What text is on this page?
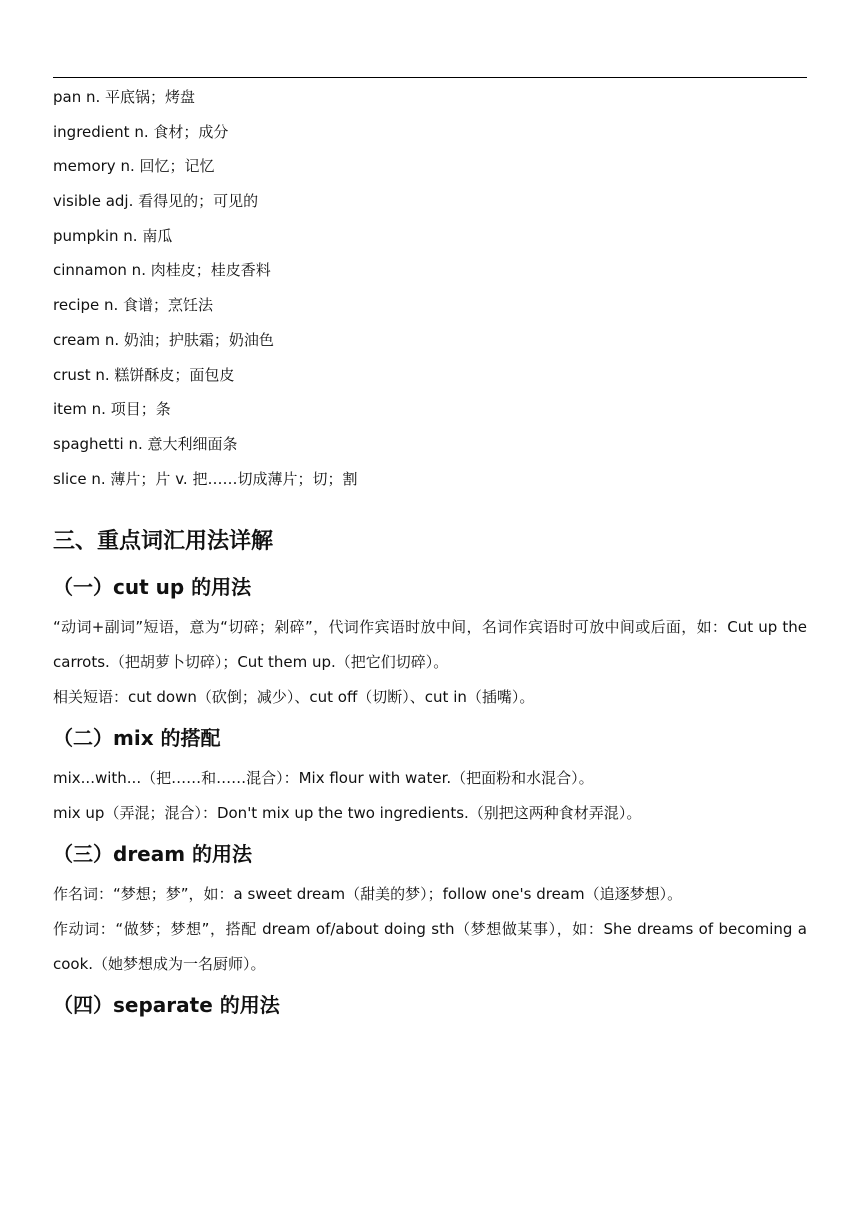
pan n. 平底锅；烤盘
ingredient n. 食材；成分
memory n. 回忆；记忆
visible adj. 看得见的；可见的
pumpkin n. 南瓜
cinnamon n. 肉桂皮；桂皮香料
recipe n. 食谱；烹饪法
cream n. 奶油；护肤霜；奶油色
crust n. 糕饼酥皮；面包皮
item n. 项目；条
spaghetti n. 意大利细面条
slice n. 薄片；片 v. 把……切成薄片；切；割
三、重点词汇用法详解
（一）cut up 的用法

“动词+副词”短语，意为“切碎；剁碎”，代词作宾语时放中间，名词作宾语时可放中间或后面，如：Cut up the carrots.（把胡萝卜切碎）；Cut them up.（把它们切碎）。

相关短语：cut down（砍倒；减少）、cut off（切断）、cut in（插嘴）。

（二）mix 的搭配

mix...with...（把……和……混合）：Mix flour with water.（把面粉和水混合）。

mix up（弄混；混合）：Don't mix up the two ingredients.（别把这两种食材弄混）。

（三）dream 的用法

作名词：“梦想；梦”，如：a sweet dream（甜美的梦）；follow one's dream（追逐梦想）。

作动词：“做梦；梦想”，搭配 dream of/about doing sth（梦想做某事），如：She dreams of becoming a cook.（她梦想成为一名厨师）。

（四）separate 的用法
